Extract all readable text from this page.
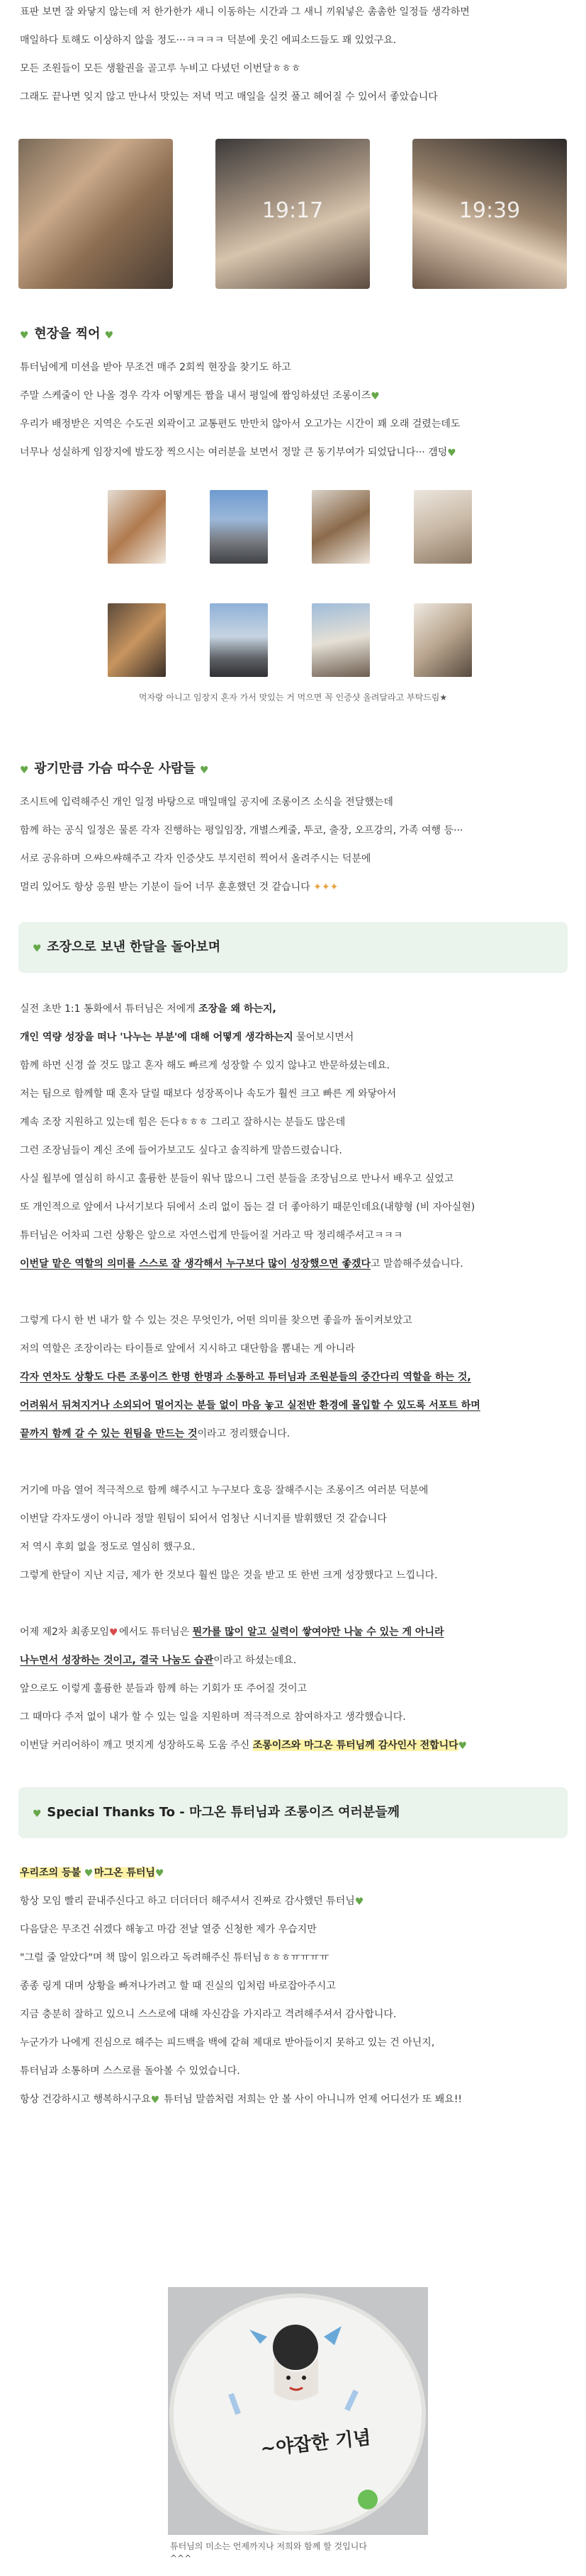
표판 보면 잘 와닿지 않는데 저 한가한가 새니 이동하는 시간과 그 새니 끼워넣은 촘촘한 일정들 생각하면
매일하다 토해도 이상하지 않을 정도···ㅋㅋㅋㅋ 덕분에 웃긴 에피소드들도 꽤 있었구요.
모든 조원들이 모든 생활권을 골고루 누비고 다녔던 이번달ㅎㅎㅎ
그래도 끝나면 잊지 않고 만나서 맛있는 저녁 먹고 매일을 실컷 풀고 헤어질 수 있어서 좋았습니다
19:17	19:39
♥ 현장을 찍어 ♥
튜터님에게 미션을 받아 무조건 매주 2회씩 현장을 찾기도 하고
주말 스케줄이 안 나올 경우 각자 어떻게든 짬을 내서 평일에 짬잉하셨던 조롱이즈♥
우리가 배정받은 지역은 수도권 외곽이고 교통편도 만만치 않아서 오고가는 시간이 꽤 오래 걸렸는데도
너무나 성실하게 임장지에 발도장 찍으시는 여러분을 보면서 정말 큰 동기부여가 되었답니다··· 갬덩♥
먹자랑 아니고 임장지 혼자 가서 맛있는 거 먹으면 꼭 인증샷 올려달라고 부탁드림★
♥ 광기만큼 가슴 따수운 사람들 ♥
조시트에 입력해주신 개인 일정 바탕으로 매일매일 공지에 조롱이즈 소식을 전달했는데
함께 하는 공식 일정은 물론 각자 진행하는 평일임장, 개별스케줄, 투코, 출장, 오프강의, 가족 여행 등···
서로 공유하며 으쌰으쌰해주고 각자 인증샷도 부지런히 찍어서 올려주시는 덕분에
멀리 있어도 항상 응원 받는 기분이 들어 너무 훈훈했던 것 같습니다 ✦✦✦
♥ 조장으로 보낸 한달을 돌아보며
실전 초반 1:1 통화에서 튜터님은 저에게 조장을 왜 하는지,
개인 역량 성장을 떠나 '나누는 부분'에 대해 어떻게 생각하는지 물어보시면서
함께 하면 신경 쓸 것도 많고 혼자 해도 빠르게 성장할 수 있지 않냐고 반문하셨는데요.
저는 팀으로 함께할 때 혼자 달릴 때보다 성장폭이나 속도가 훨씬 크고 빠른 게 와닿아서
계속 조장 지원하고 있는데 힘은 든다ㅎㅎㅎ 그리고 잘하시는 분들도 많은데
그런 조장님들이 계신 조에 들어가보고도 싶다고 솔직하게 말씀드렸습니다.
사실 월부에 열심히 하시고 훌륭한 분들이 워낙 많으니 그런 분들을 조장님으로 만나서 배우고 싶었고
또 개인적으로 앞에서 나서기보다 뒤에서 소리 없이 돕는 걸 더 좋아하기 때문인데요(내향형 (비 자아실현)
튜터님은 어차피 그런 상황은 앞으로 자연스럽게 만들어질 거라고 딱 정리해주셔고ㅋㅋㅋ
이번달 맡은 역할의 의미를 스스로 잘 생각해서 누구보다 많이 성장했으면 좋겠다고 말씀해주셨습니다.
그렇게 다시 한 번 내가 할 수 있는 것은 무엇인가, 어떤 의미를 찾으면 좋을까 돌이켜보았고
저의 역할은 조장이라는 타이틀로 앞에서 지시하고 대단함을 뽐내는 게 아니라
각자 연차도 상황도 다른 조롱이즈 한명 한명과 소통하고 튜터님과 조원분들의 중간다리 역할을 하는 것,
어려워서 뒤쳐지거나 소외되어 멀어지는 분들 없이 마음 놓고 실전반 환경에 몰입할 수 있도록 서포트 하며
끝까지 함께 갈 수 있는 윈팀을 만드는 것이라고 정리했습니다.
거기에 마음 열어 적극적으로 함께 해주시고 누구보다 호응 잘해주시는 조롱이즈 여러분 덕분에
이번달 각자도생이 아니라 정말 원팀이 되어서 엄청난 시너지를 발휘했던 것 같습니다
저 역시 후회 없을 정도로 열심히 했구요.
그렇게 한달이 지난 지금, 제가 한 것보다 훨씬 많은 것을 받고 또 한번 크게 성장했다고 느낍니다.
어제 제2차 최종모임♥에서도 튜터님은 뭔가를 많이 알고 실력이 쌓여야만 나눌 수 있는 게 아니라
나누면서 성장하는 것이고, 결국 나눔도 습관이라고 하셨는데요.
앞으로도 이렇게 훌륭한 분들과 함께 하는 기회가 또 주어질 것이고
그 때마다 주저 없이 내가 할 수 있는 일을 지원하며 적극적으로 참여하자고 생각했습니다.
이번달 커리어하이 깨고 멋지게 성장하도록 도움 주신 조롱이즈와 마그온 튜터님께 감사인사 전합니다♥
♥ Special Thanks To - 마그온 튜터님과 조롱이즈 여러분들께
우리조의 등불 ♥마그온 튜터님♥
항상 모임 빨리 끝내주신다고 하고 더더더더 해주셔서 진짜로 감사했던 튜터님♥
다음달은 무조건 쉬겠다 해놓고 마감 전날 열중 신청한 제가 우습지만
"그럴 줄 알았다"며 책 많이 읽으라고 독려해주신 튜터님ㅎㅎㅎㅠㅠㅠㅠ
종종 링게 대며 상황을 빠져나가려고 할 때 진실의 입처럼 바로잡아주시고
지금 충분히 잘하고 있으니 스스로에 대해 자신감을 가지라고 격려해주셔서 감사합니다.
누군가가 나에게 진심으로 해주는 피드백을 백에 같혀 제대로 받아들이지 못하고 있는 건 아닌지,
튜터님과 소통하며 스스로를 돌아볼 수 있었습니다.
항상 건강하시고 행복하시구요♥ 튜터님 말씀처럼 저희는 안 볼 사이 아니니까 언제 어디선가 또 봬요!!
~야잡한 기념
튜터님의 미소는 언제까지나 저희와 함께 할 것입니다
^^^
